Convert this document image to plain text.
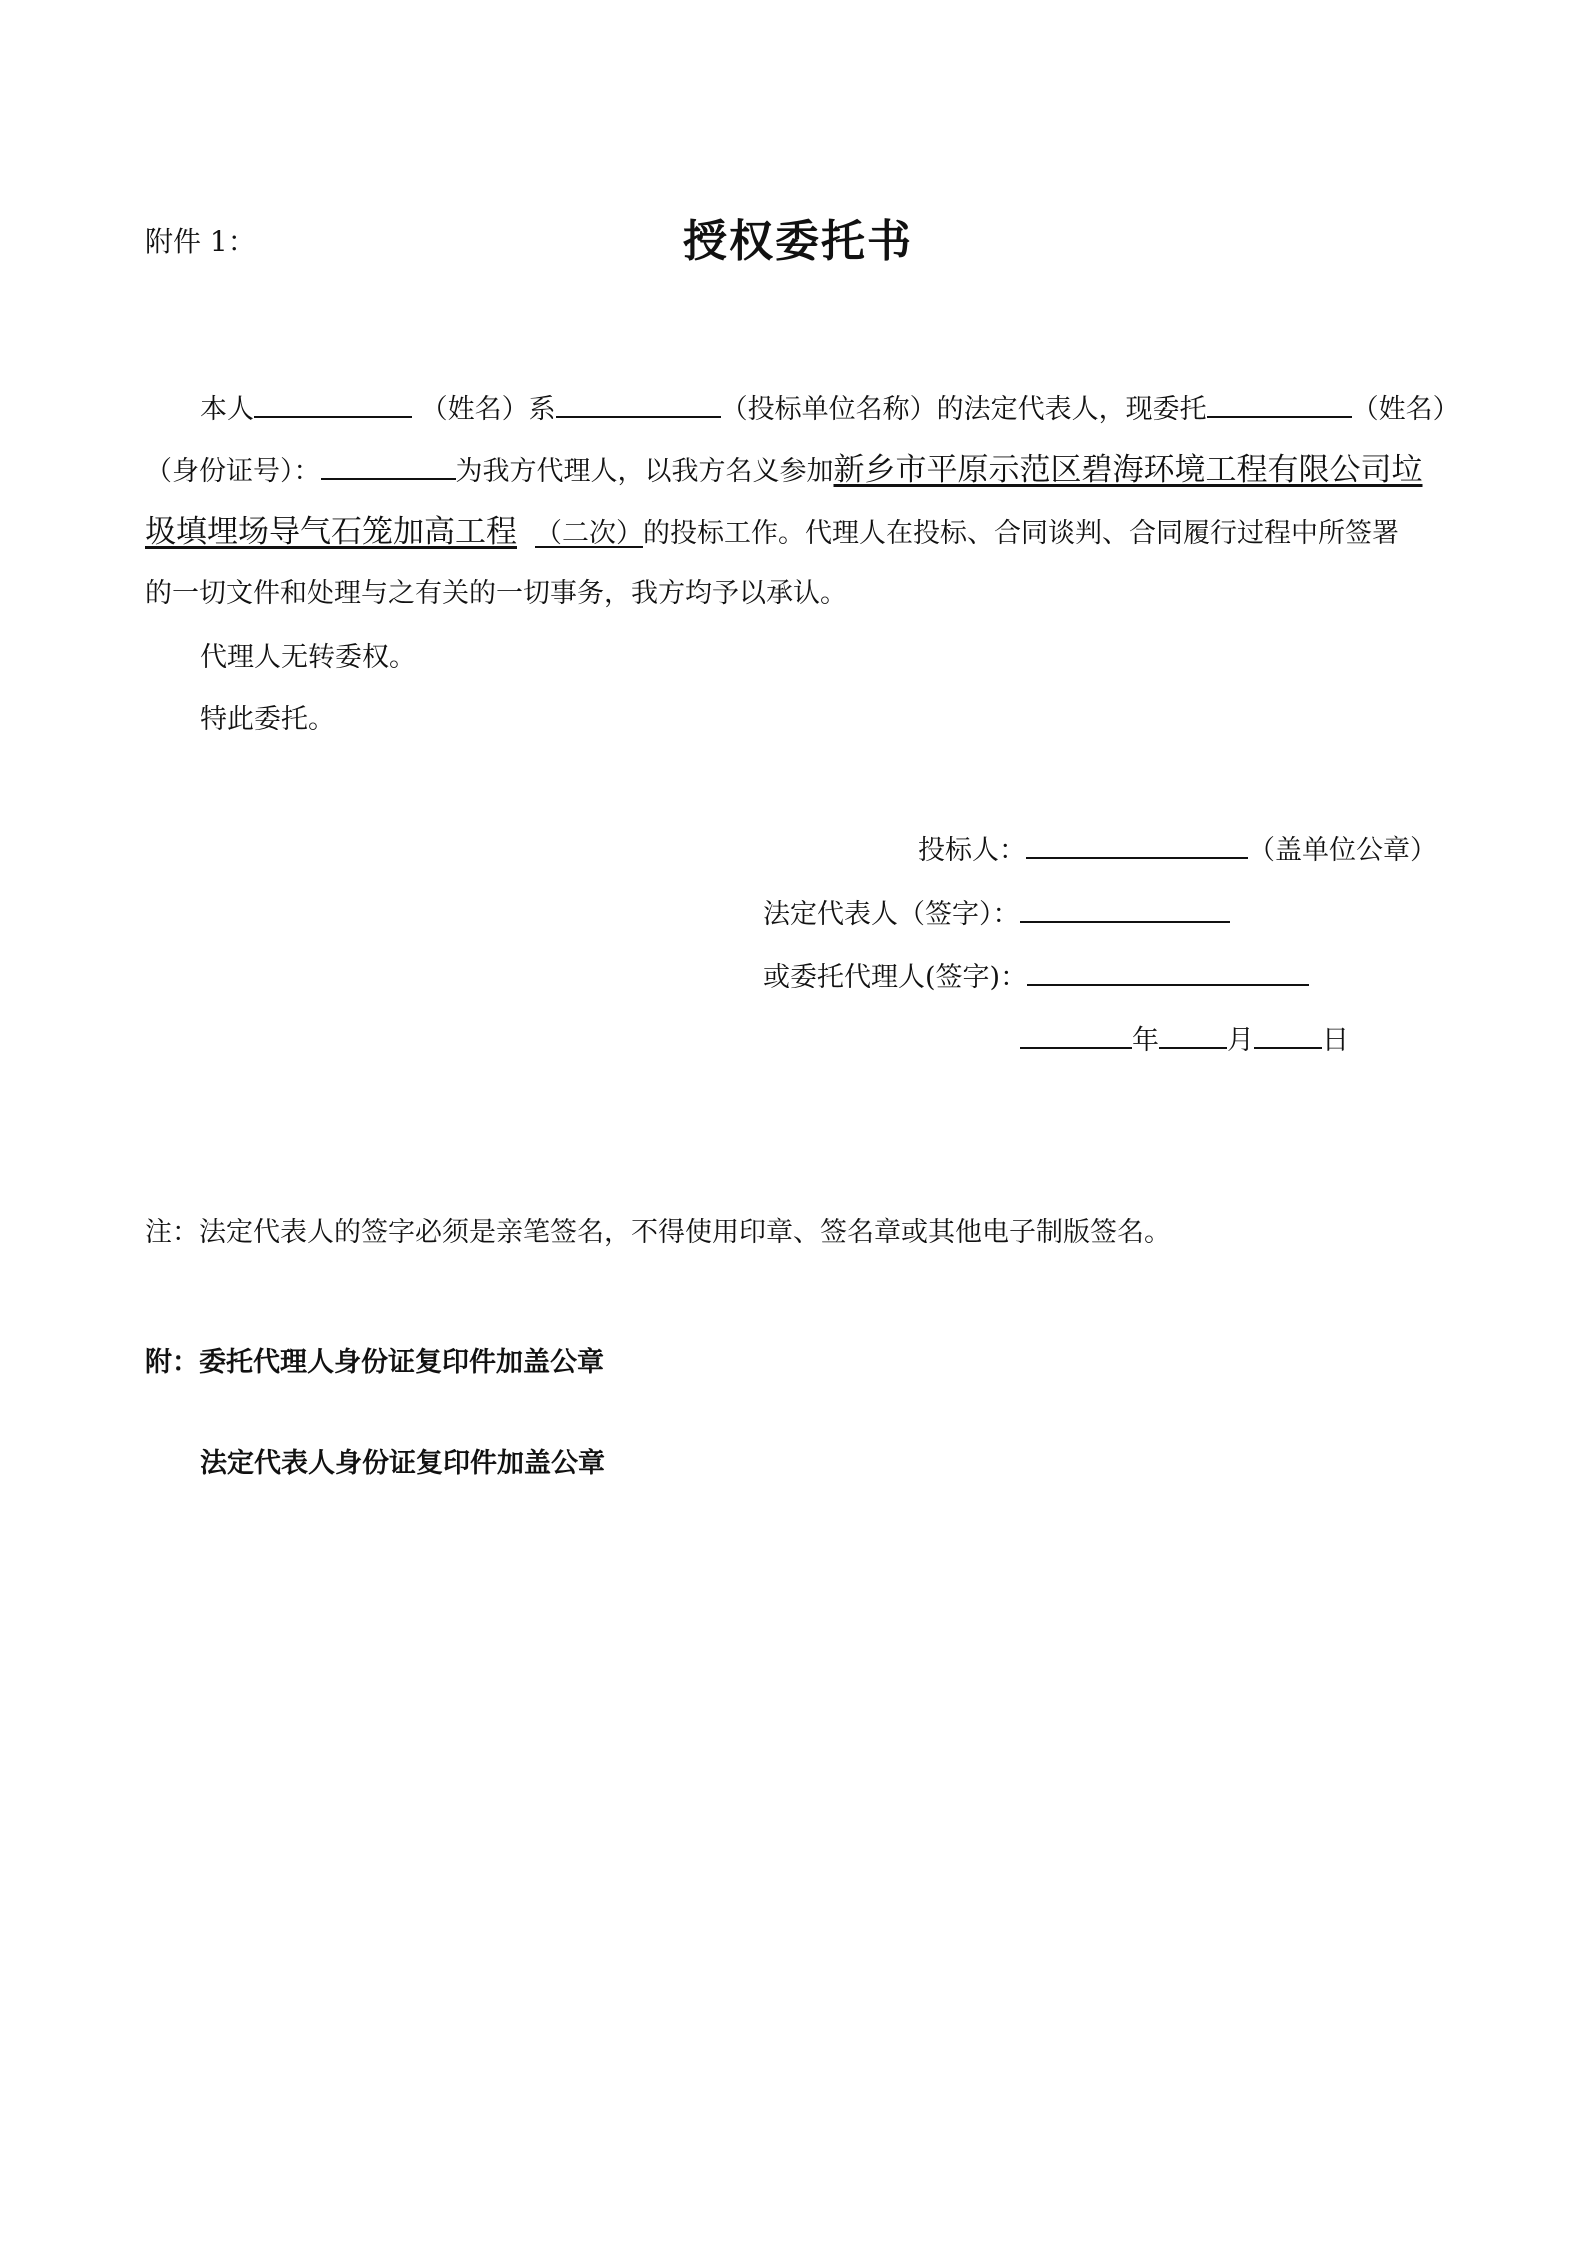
附件 1：	授权委托书
本人	（姓名）系	（投标单位名称）的法定代表人，现委托	（姓名）
（身份证号）：	为我方代理人，以我方名义参加新乡市平原示范区碧海环境工程有限公司垃
圾填埋场导气石笼加高工程 （二次）的投标工作。代理人在投标、合同谈判、合同履行过程中所签署
的一切文件和处理与之有关的一切事务，我方均予以承认。
代理人无转委权。
特此委托。
投标人：	（盖单位公章）
法定代表人（签字）：
或委托代理人(签字)：
年	月	日
注：法定代表人的签字必须是亲笔签名，不得使用印章、签名章或其他电子制版签名。
附：委托代理人身份证复印件加盖公章
法定代表人身份证复印件加盖公章
